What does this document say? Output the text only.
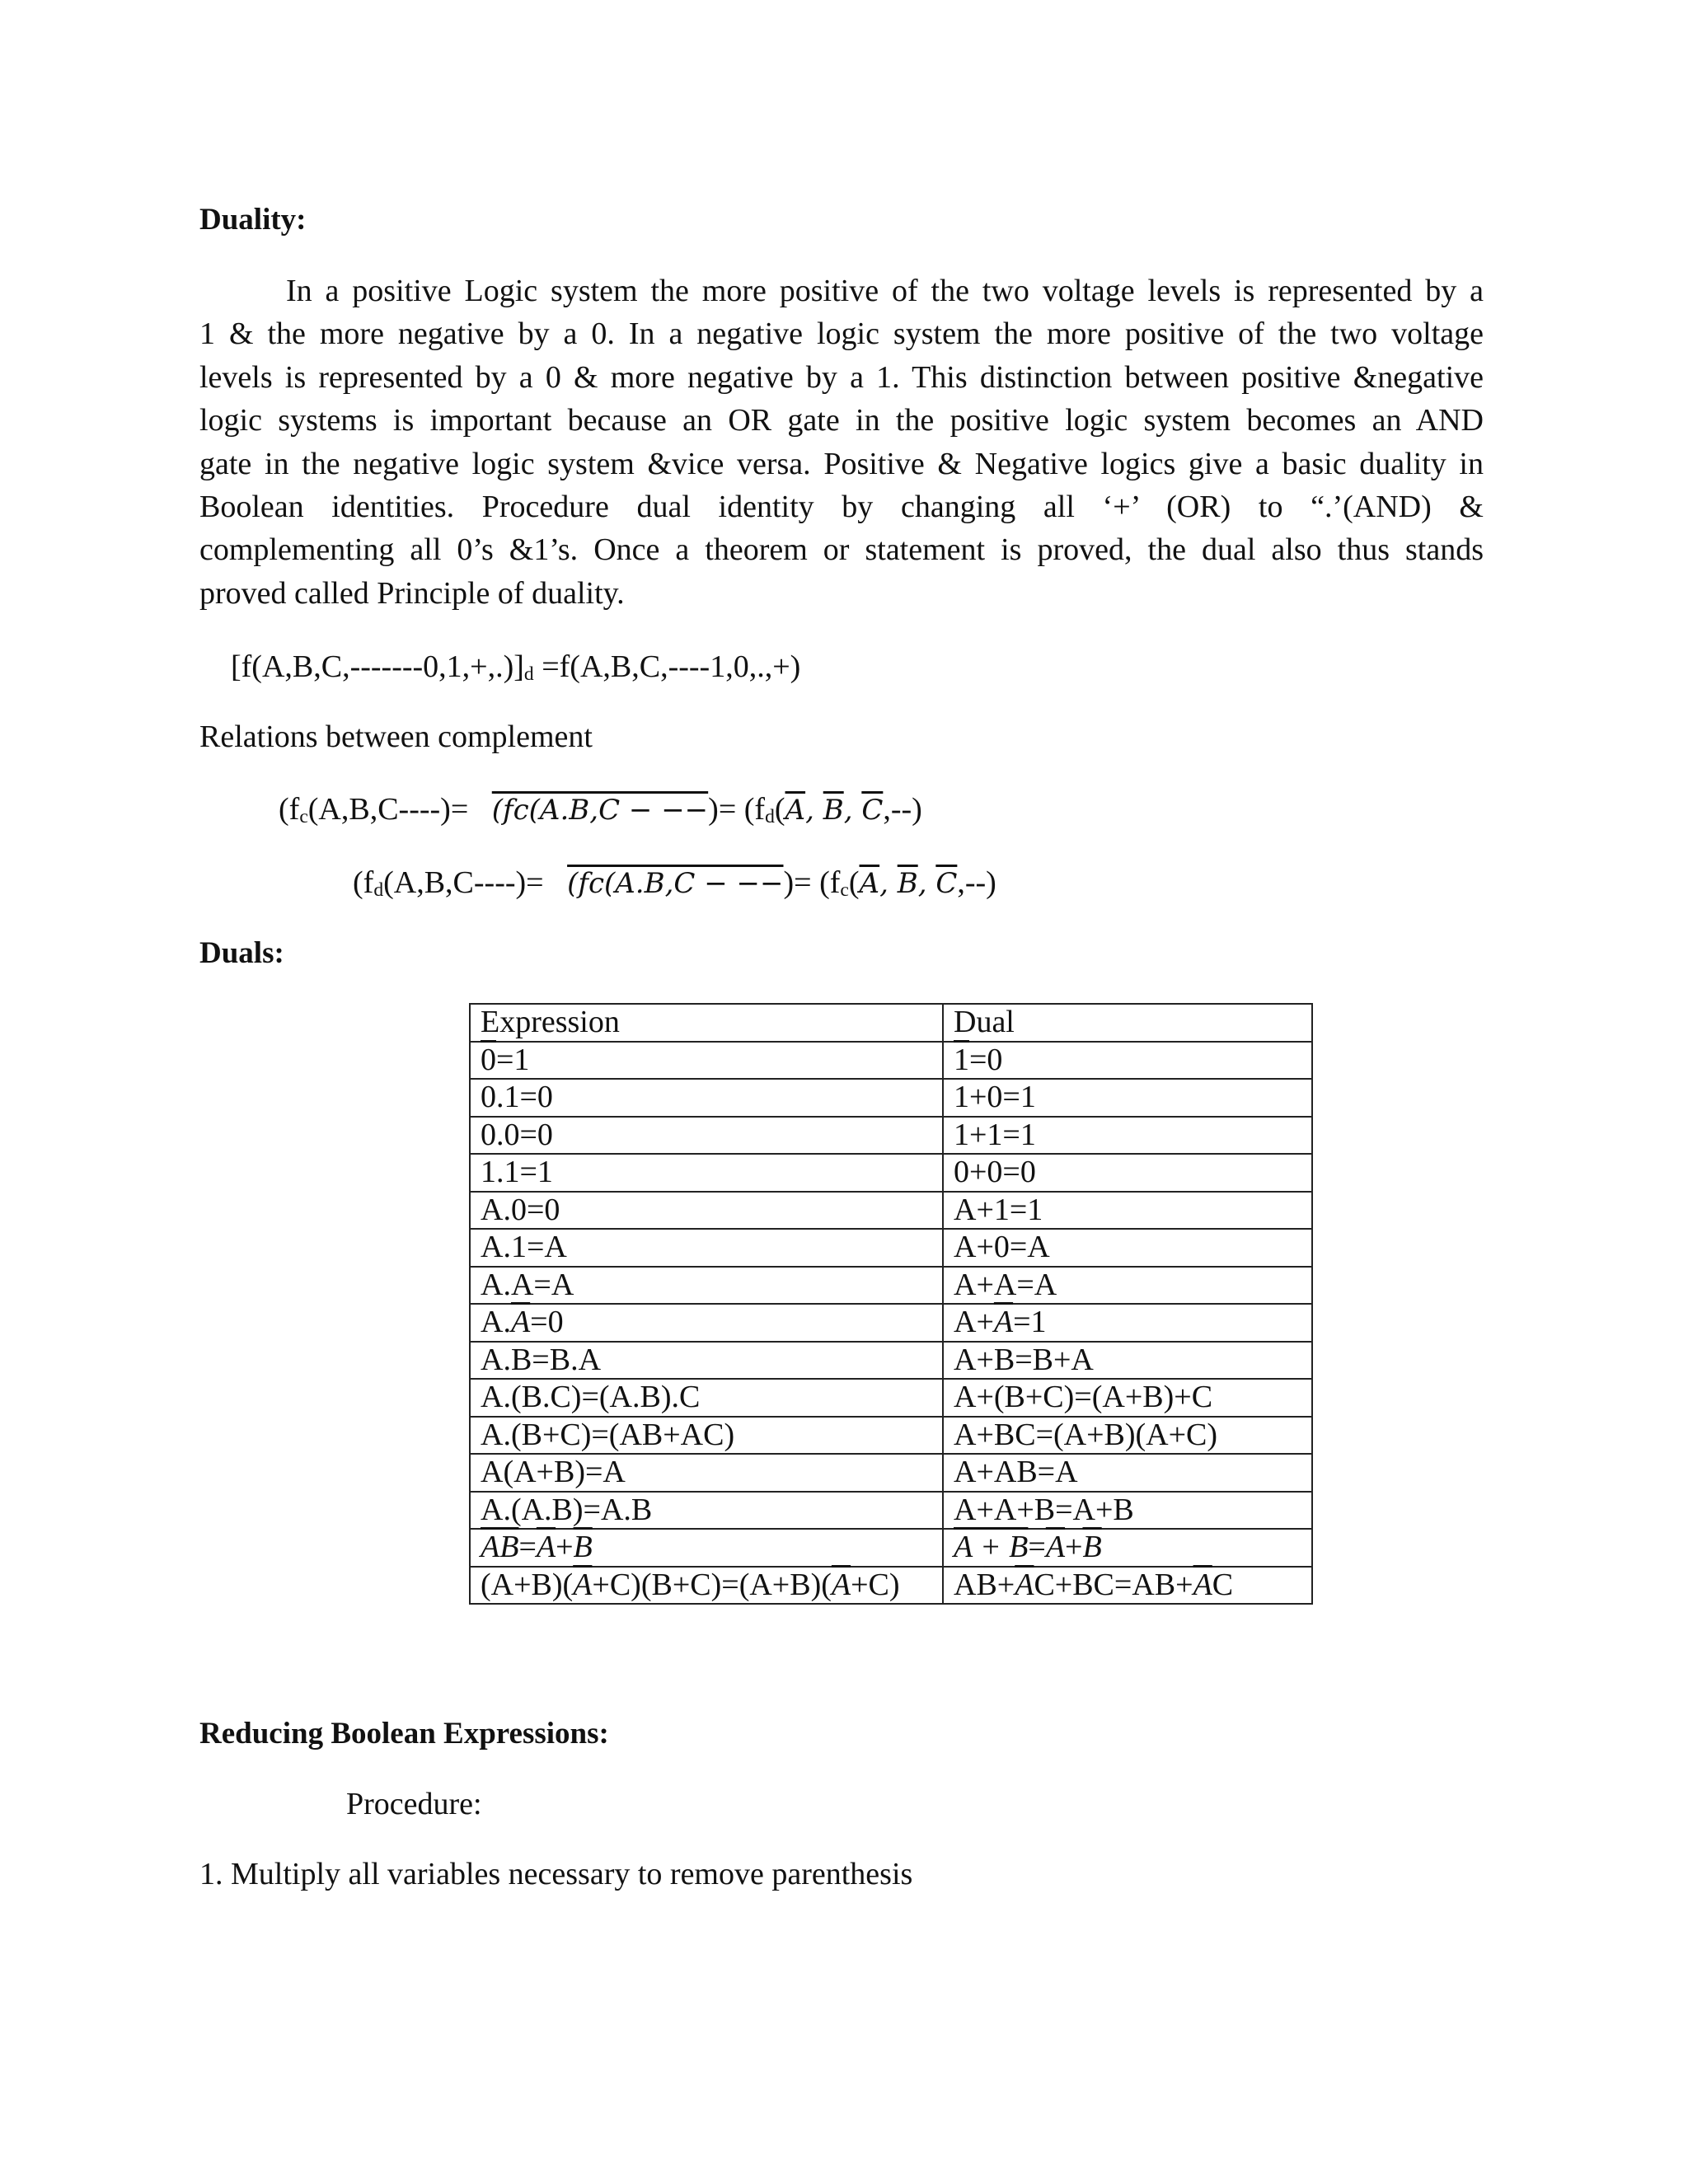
Duality:
In a positive Logic system the more positive of the two voltage levels is represented by a
1 & the more negative by a 0. In a negative logic system the more positive of the two voltage
levels is represented by a 0 & more negative by a 1. This distinction between positive &negative
logic systems is important because an OR gate in the positive logic system becomes an AND
gate in the negative logic system &vice versa. Positive & Negative logics give a basic duality in
Boolean identities. Procedure dual identity by changing all ‘+’ (OR) to “.’(AND) &
complementing all 0’s &1’s. Once a theorem or statement is proved, the dual also thus stands
proved called Principle of duality.
$[f(A,B,C,-------0,1,+,.)]_d =f(A,B,C,----1,0,.,+)$
Relations between complement
($f_c(A,B,C----)= (fc(A.B,C$ − −−)= ($f_d(\overline{A}$, $\overline{B}$, $\overline{C},--$)
($f_d(A,B,C----)= (fc(A.B,C$ − −−)= ($f_c(\overline{A}$, $\overline{B}$, $\overline{C},--$)
Duals:
Expression	Dual
0=1	1=0
0.1=0	1+0=1
0.0=0	1+1=1
1.1=1	0+0=0
A.0=0	A+1=1
A.1=A	A+0=A
A.A=A	A+A=A
$A.\overline{A}=0$	$A+\overline{A}=1$
A.B=B.A	A+B=B+A
A.(B.C)=(A.B).C	A+(B+C)=(A+B)+C
A.(B+C)=(AB+AC)	A+BC=(A+B)(A+C)
A(A+B)=A	A+AB=A
A.(A.B)=A.B	A+A+B=A+B
$\overline{AB}=\overline{A}+\overline{B}$	$A + B=\overline{A}+\overline{B}$
$(A+B)(\overline{A}+C)(B+C)=(A+B)(\overline{A}+C)$	$AB+\overline{A}C+BC=AB+\overline{A}C$
Reducing Boolean Expressions:
Procedure:
1. Multiply all variables necessary to remove parenthesis
